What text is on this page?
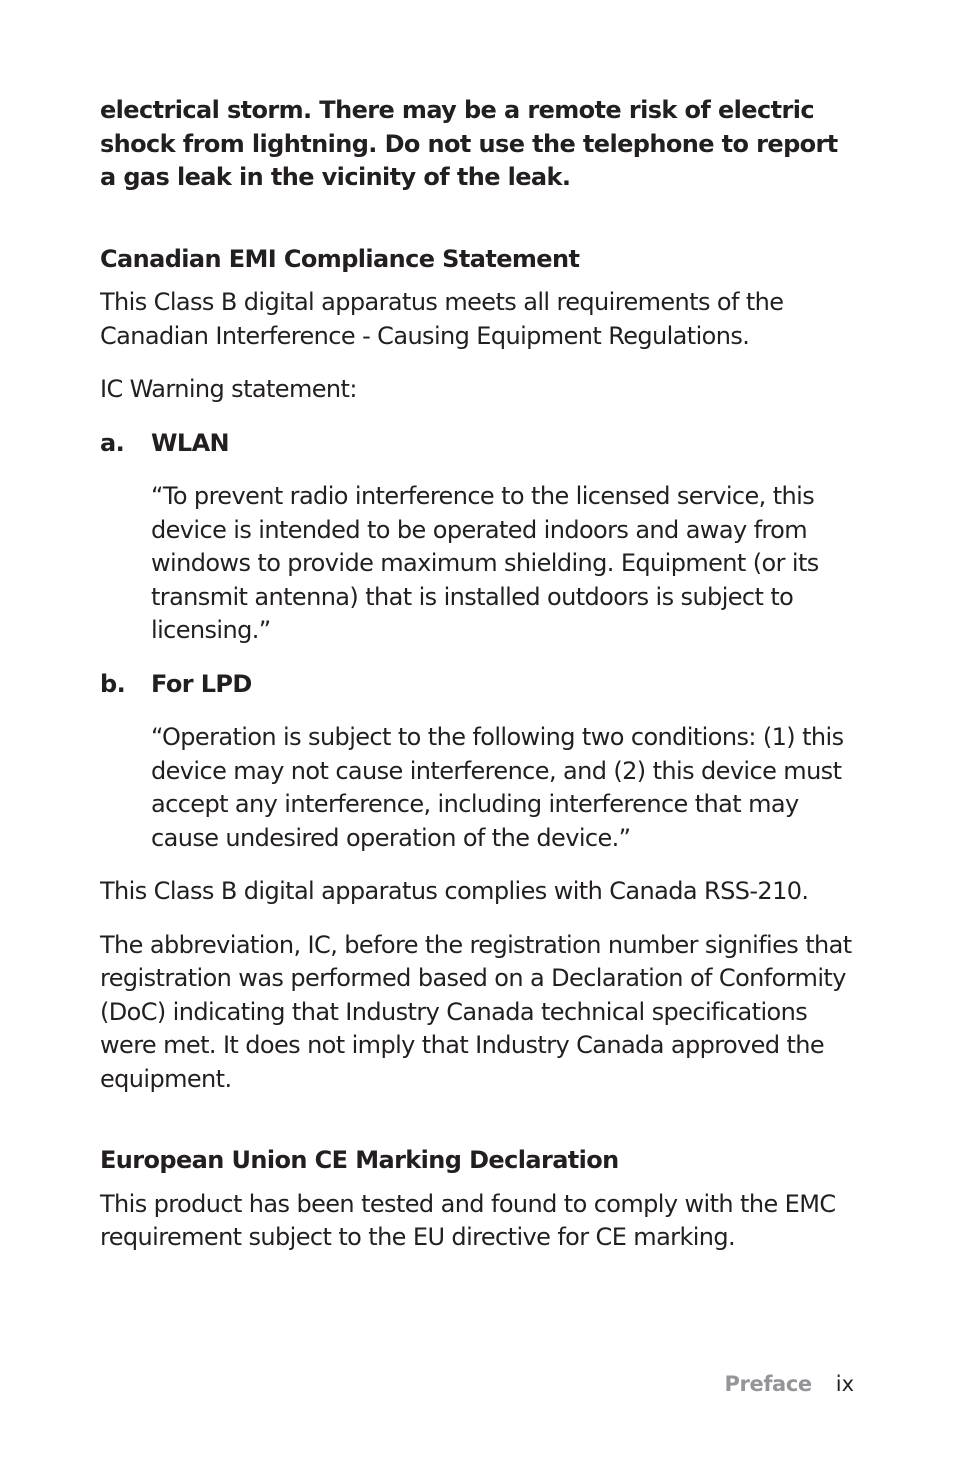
electrical storm. There may be a remote risk of electric shock from lightning. Do not use the telephone to report a gas leak in the vicinity of the leak.

Canadian EMI Compliance Statement

This Class B digital apparatus meets all requirements of the Canadian Interference - Causing Equipment Regulations.

IC Warning statement:

a.	WLAN

“To prevent radio interference to the licensed service, this device is intended to be operated indoors and away from windows to provide maximum shielding. Equipment (or its transmit antenna) that is installed outdoors is subject to licensing.”

b.	For LPD

“Operation is subject to the following two conditions: (1) this device may not cause interference, and (2) this device must accept any interference, including interference that may cause undesired operation of the device.”

This Class B digital apparatus complies with Canada RSS-210.

The abbreviation, IC, before the registration number signifies that registration was performed based on a Declaration of Conformity (DoC) indicating that Industry Canada technical specifications were met. It does not imply that Industry Canada approved the equipment.

European Union CE Marking Declaration

This product has been tested and found to comply with the EMC requirement subject to the EU directive for CE marking.

Preface ix
